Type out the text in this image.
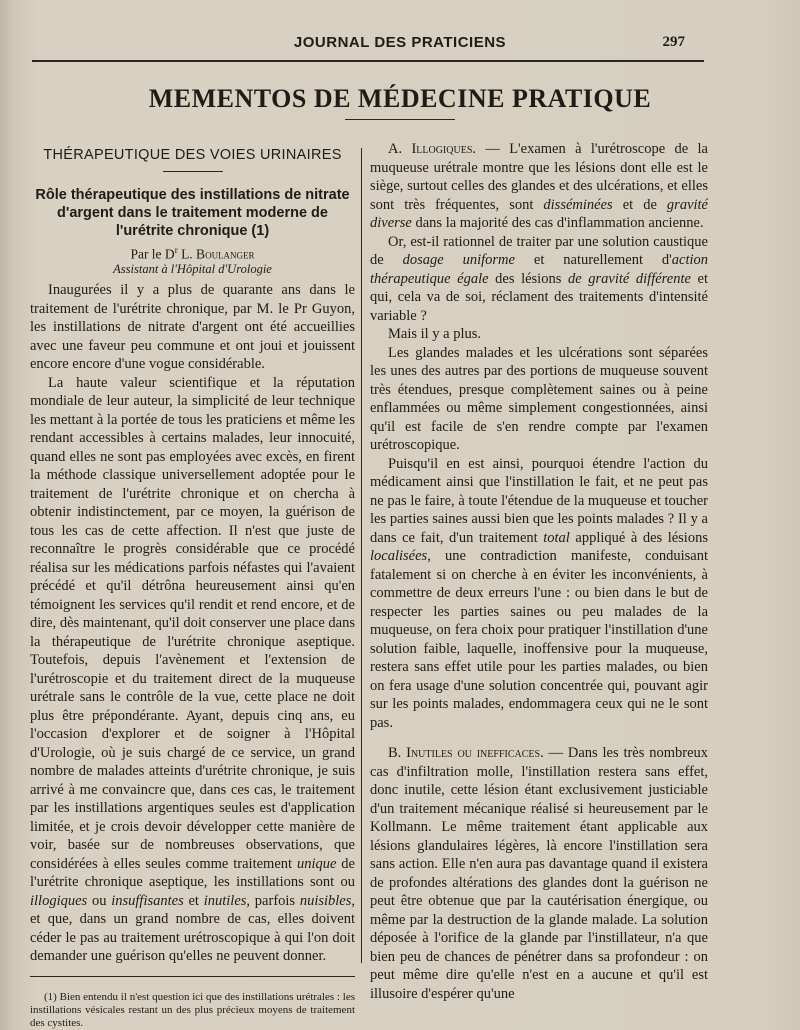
JOURNAL DES PRATICIENS	297
MEMENTOS DE MÉDECINE PRATIQUE
THÉRAPEUTIQUE DES VOIES URINAIRES
Rôle thérapeutique des instillations de nitrate d'argent dans le traitement moderne de l'urétrite chronique (1)
Par le $D^r$ L. Boulanger
Assistant à l'Hôpital d'Urologie

Inaugurées il y a plus de quarante ans dans le traitement de l'urétrite chronique, par M. le Pr Guyon, les instillations de nitrate d'argent ont été accueillies avec une faveur peu commune et ont joui et jouissent encore encore d'une vogue considérable.

La haute valeur scientifique et la réputation mondiale de leur auteur, la simplicité de leur technique les mettant à la portée de tous les praticiens et même les rendant accessibles à certains malades, leur innocuité, quand elles ne sont pas employées avec excès, en firent la méthode classique universellement adoptée pour le traitement de l'urétrite chronique et on chercha à obtenir indistinctement, par ce moyen, la guérison de tous les cas de cette affection. Il n'est que juste de reconnaître le progrès considérable que ce procédé réalisa sur les médications parfois néfastes qui l'avaient précédé et qu'il détrôna heureusement ainsi qu'en témoignent les services qu'il rendit et rend encore, et de dire, dès maintenant, qu'il doit conserver une place dans la thérapeutique de l'urétrite chronique aseptique. Toutefois, depuis l'avènement et l'extension de l'urétroscopie et du traitement direct de la muqueuse urétrale sans le contrôle de la vue, cette place ne doit plus être prépondérante. Ayant, depuis cinq ans, eu l'occasion d'explorer et de soigner à l'Hôpital d'Urologie, où je suis chargé de ce service, un grand nombre de malades atteints d'urétrite chronique, je suis arrivé à me convaincre que, dans ces cas, le traitement par les instillations argentiques seules est d'application limitée, et je crois devoir développer cette manière de voir, basée sur de nombreuses observations, que considérées à elles seules comme traitement unique de l'urétrite chronique aseptique, les instillations sont ou illogiques ou insuffisantes et inutiles, parfois nuisibles, et que, dans un grand nombre de cas, elles doivent céder le pas au traitement urétroscopique à qui l'on doit demander une guérison qu'elles ne peuvent donner.

(1) Bien entendu il n'est question ici que des instillations urétrales : les instillations vésicales restant un des plus précieux moyens de traitement des cystites.

A. Illogiques. — L'examen à l'urétroscope de la muqueuse urétrale montre que les lésions dont elle est le siège, surtout celles des glandes et des ulcérations, et elles sont très fréquentes, sont disséminées et de gravité diverse dans la majorité des cas d'inflammation ancienne.

Or, est-il rationnel de traiter par une solution caustique de dosage uniforme et naturellement d'action thérapeutique égale des lésions de gravité différente et qui, cela va de soi, réclament des traitements d'intensité variable ?

Mais il y a plus.

Les glandes malades et les ulcérations sont séparées les unes des autres par des portions de muqueuse souvent très étendues, presque complètement saines ou à peine enflammées ou même simplement congestionnées, ainsi qu'il est facile de s'en rendre compte par l'examen urétroscopique.

Puisqu'il en est ainsi, pourquoi étendre l'action du médicament ainsi que l'instillation le fait, et ne peut pas ne pas le faire, à toute l'étendue de la muqueuse et toucher les parties saines aussi bien que les points malades ? Il y a dans ce fait, d'un traitement total appliqué à des lésions localisées, une contradiction manifeste, conduisant fatalement si on cherche à en éviter les inconvénients, à commettre de deux erreurs l'une : ou bien dans le but de respecter les parties saines ou peu malades de la muqueuse, on fera choix pour pratiquer l'instillation d'une solution faible, laquelle, inoffensive pour la muqueuse, restera sans effet utile pour les parties malades, ou bien on fera usage d'une solution concentrée qui, pouvant agir sur les points malades, endommagera ceux qui ne le sont pas.

B. Inutiles ou inefficaces. — Dans les très nombreux cas d'infiltration molle, l'instillation restera sans effet, donc inutile, cette lésion étant exclusivement justiciable d'un traitement mécanique réalisé si heureusement par le Kollmann. Le même traitement étant applicable aux lésions glandulaires légères, là encore l'instillation sera sans action. Elle n'en aura pas davantage quand il existera de profondes altérations des glandes dont la guérison ne peut être obtenue que par la cautérisation énergique, ou même par la destruction de la glande malade. La solution déposée à l'orifice de la glande par l'instillateur, n'a que bien peu de chances de pénétrer dans sa profondeur : on peut même dire qu'elle n'est en a aucune et qu'il est illusoire d'espérer qu'une
